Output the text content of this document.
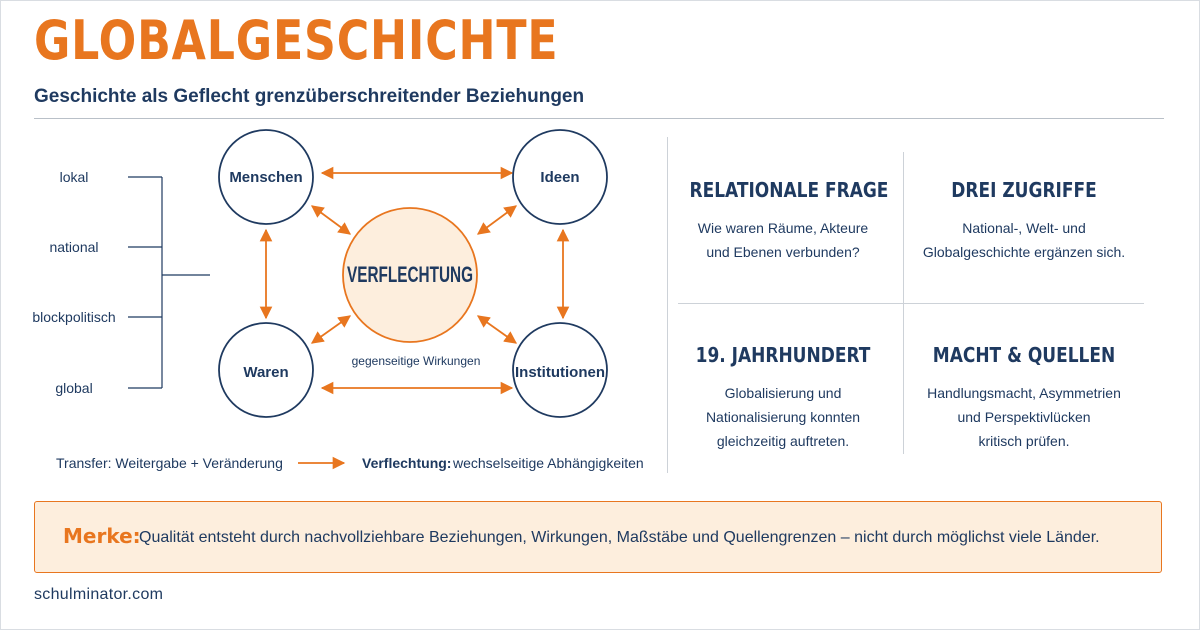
GLOBALGESCHICHTE
Geschichte als Geflecht grenzüberschreitender Beziehungen
lokal
national
blockpolitisch
global
Menschen	Ideen
Waren	Institutionen
VERFLECHTUNG
gegenseitige Wirkungen
Transfer: Weitergabe + Veränderung	Verflechtung: wechselseitige Abhängigkeiten
RELATIONALE FRAGE

Wie waren Räume, Akteure
und Ebenen verbunden?

DREI ZUGRIFFE

National-, Welt- und
Globalgeschichte ergänzen sich.

19. JAHRHUNDERT

Globalisierung und
Nationalisierung konnten
gleichzeitig auftreten.

MACHT & QUELLEN

Handlungsmacht, Asymmetrien
und Perspektivlücken
kritisch prüfen.

Merke:
Qualität entsteht durch nachvollziehbare Beziehungen, Wirkungen, Maßstäbe und Quellengrenzen – nicht durch möglichst viele Länder.
schulminator.com
